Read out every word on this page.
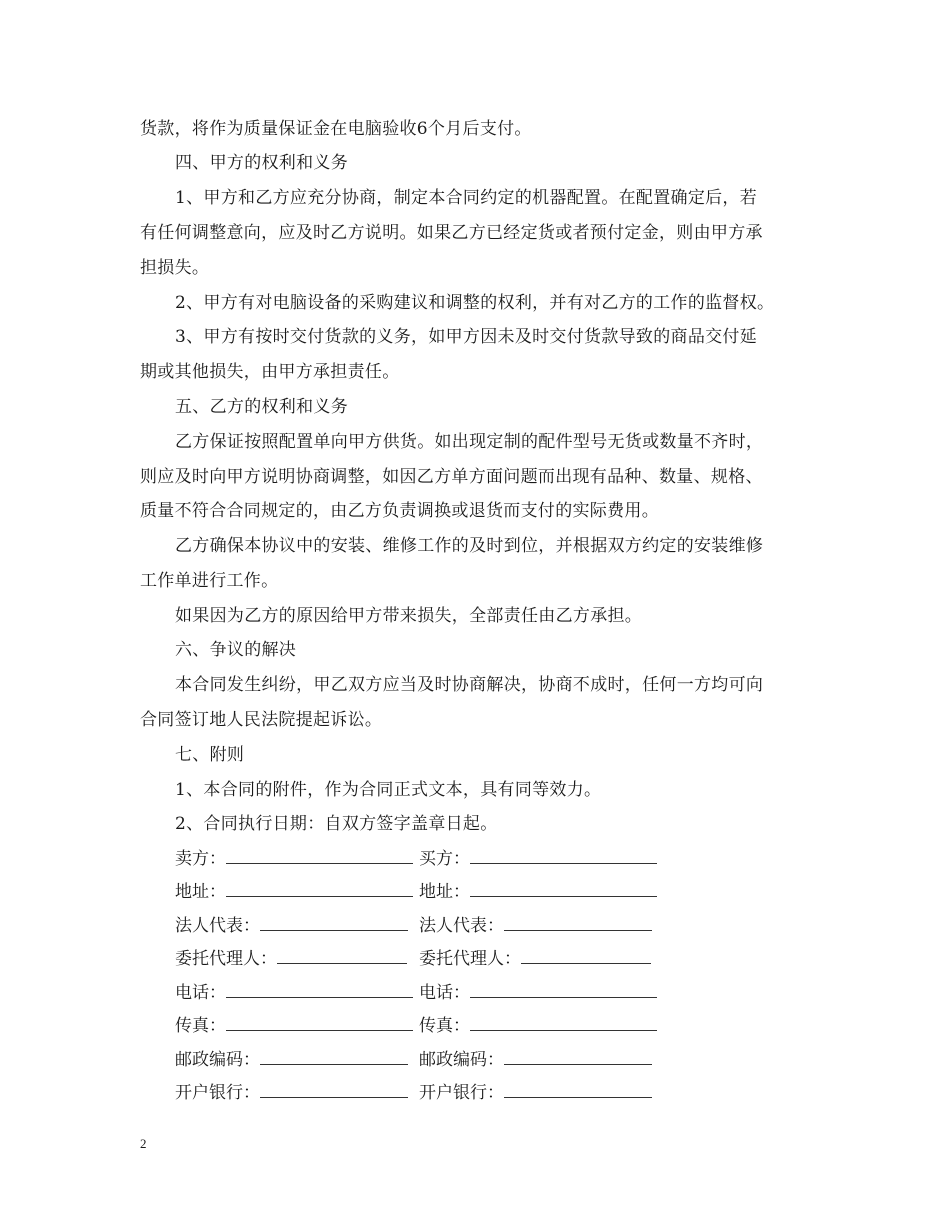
货款，将作为质量保证金在电脑验收6个月后支付。
四、甲方的权利和义务
1、甲方和乙方应充分协商，制定本合同约定的机器配置。在配置确定后，若
有任何调整意向，应及时乙方说明。如果乙方已经定货或者预付定金，则由甲方承
担损失。
2、甲方有对电脑设备的采购建议和调整的权利，并有对乙方的工作的监督权。
3、甲方有按时交付货款的义务，如甲方因未及时交付货款导致的商品交付延
期或其他损失，由甲方承担责任。
五、乙方的权利和义务
乙方保证按照配置单向甲方供货。如出现定制的配件型号无货或数量不齐时，
则应及时向甲方说明协商调整，如因乙方单方面问题而出现有品种、数量、规格、
质量不符合合同规定的，由乙方负责调换或退货而支付的实际费用。
乙方确保本协议中的安装、维修工作的及时到位，并根据双方约定的安装维修
工作单进行工作。
如果因为乙方的原因给甲方带来损失，全部责任由乙方承担。
六、争议的解决
本合同发生纠纷，甲乙双方应当及时协商解决，协商不成时，任何一方均可向
合同签订地人民法院提起诉讼。
七、附则
1、本合同的附件，作为合同正式文本，具有同等效力。
2、合同执行日期：自双方签字盖章日起。
卖方：	买方：
地址：	地址：
法人代表：	法人代表：
委托代理人：	委托代理人：
电话：	电话：
传真：	传真：
邮政编码：	邮政编码：
开户银行：	开户银行：
2
